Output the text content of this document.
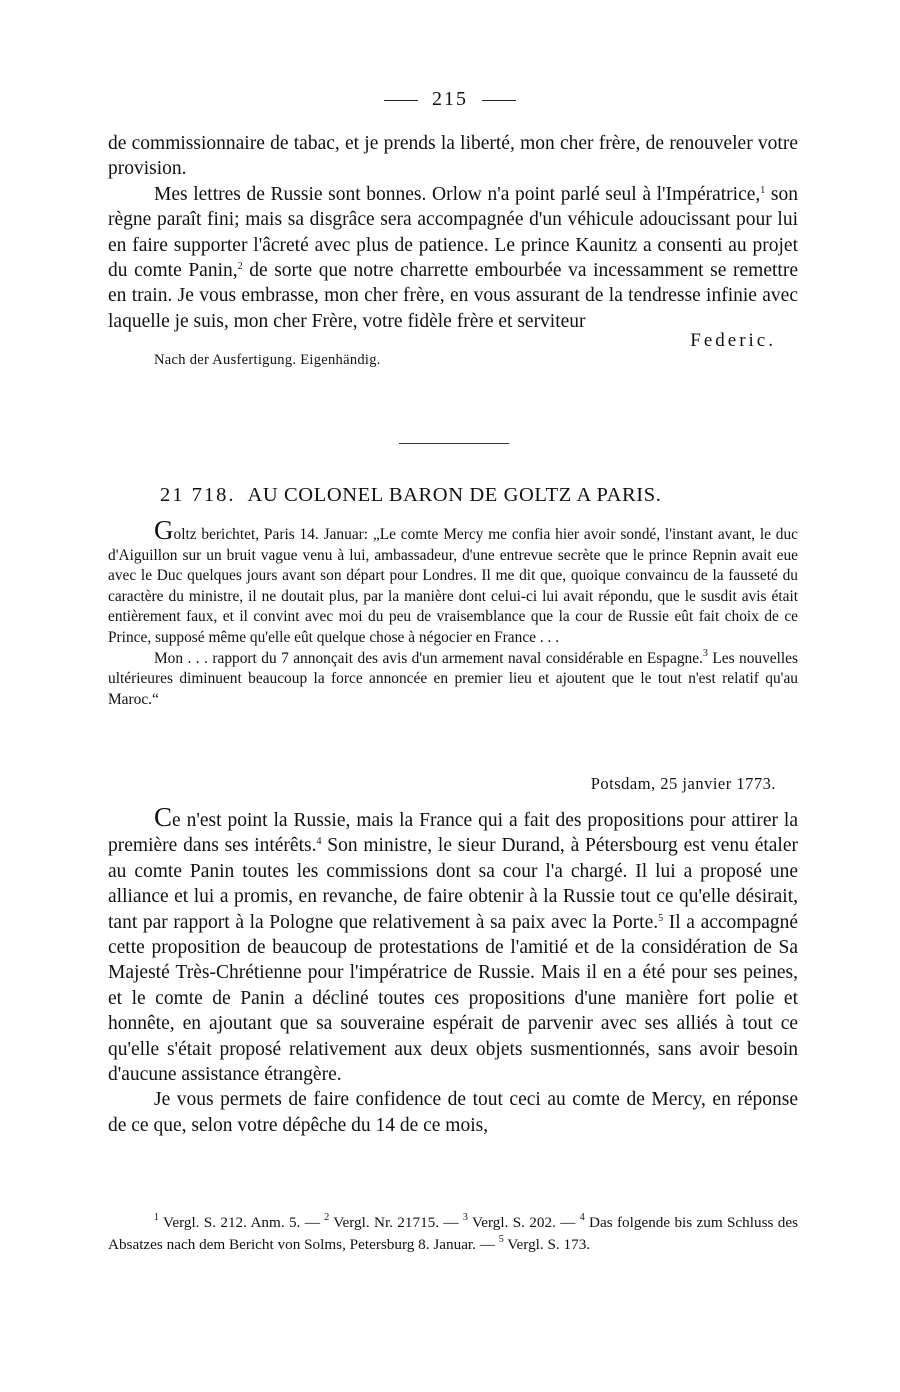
215

de commissionnaire de tabac, et je prends la liberté, mon cher frère, de renouveler votre provision.

Mes lettres de Russie sont bonnes. Orlow n'a point parlé seul à l'Impératrice,$^1$ son règne paraît fini; mais sa disgrâce sera accompagnée d'un véhicule adoucissant pour lui en faire supporter l'âcreté avec plus de patience. Le prince Kaunitz a consenti au projet du comte Panin,$^2$ de sorte que notre charrette embourbée va incessamment se remettre en train. Je vous embrasse, mon cher frère, en vous assurant de la tendresse infinie avec laquelle je suis, mon cher Frère, votre fidèle frère et serviteur

Federic.
Nach der Ausfertigung. Eigenhändig.
21 718. AU COLONEL BARON DE GOLTZ A PARIS.

Goltz berichtet, Paris 14. Januar: „Le comte Mercy me confia hier avoir sondé, l'instant avant, le duc d'Aiguillon sur un bruit vague venu à lui, ambassadeur, d'une entrevue secrète que le prince Repnin avait eue avec le Duc quelques jours avant son départ pour Londres. Il me dit que, quoique convaincu de la fausseté du caractère du ministre, il ne doutait plus, par la manière dont celui-ci lui avait répondu, que le susdit avis était entièrement faux, et il convint avec moi du peu de vraisemblance que la cour de Russie eût fait choix de ce Prince, supposé même qu'elle eût quelque chose à négocier en France . . .

Mon . . . rapport du 7 annonçait des avis d'un armement naval considérable en Espagne.$^3$ Les nouvelles ultérieures diminuent beaucoup la force annoncée en premier lieu et ajoutent que le tout n'est relatif qu'au Maroc.“

Potsdam, 25 janvier 1773.

Ce n'est point la Russie, mais la France qui a fait des propositions pour attirer la première dans ses intérêts.$^4$ Son ministre, le sieur Durand, à Pétersbourg est venu étaler au comte Panin toutes les commissions dont sa cour l'a chargé. Il lui a proposé une alliance et lui a promis, en revanche, de faire obtenir à la Russie tout ce qu'elle désirait, tant par rapport à la Pologne que relativement à sa paix avec la Porte.$^5$ Il a accompagné cette proposition de beaucoup de protestations de l'amitié et de la considération de Sa Majesté Très-Chrétienne pour l'impératrice de Russie. Mais il en a été pour ses peines, et le comte de Panin a décliné toutes ces propositions d'une manière fort polie et honnête, en ajoutant que sa souveraine espérait de parvenir avec ses alliés à tout ce qu'elle s'était proposé relativement aux deux objets susmentionnés, sans avoir besoin d'aucune assistance étrangère.

Je vous permets de faire confidence de tout ceci au comte de Mercy, en réponse de ce que, selon votre dépêche du 14 de ce mois,

$^1$ Vergl. S. 212. Anm. 5. — $^2$ Vergl. Nr. 21715. — $^3$ Vergl. S. 202. — $^4$ Das folgende bis zum Schluss des Absatzes nach dem Bericht von Solms, Petersburg 8. Januar. — $^5$ Vergl. S. 173.
